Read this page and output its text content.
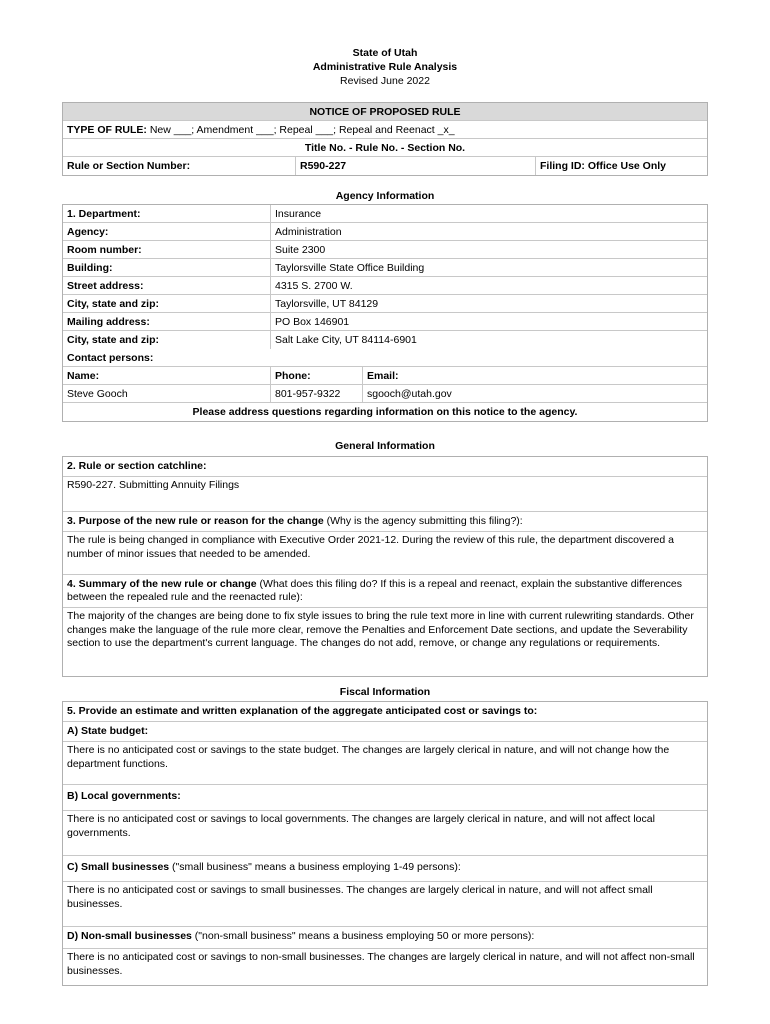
State of Utah
Administrative Rule Analysis
Revised June 2022
NOTICE OF PROPOSED RULE
TYPE OF RULE: New ___; Amendment ___; Repeal ___; Repeal and Reenact _x_
Title No. - Rule No. - Section No.
Rule or Section Number:	R590-227	Filing ID: Office Use Only
Agency Information
1. Department:	Insurance
Agency:	Administration
Room number:	Suite 2300
Building:	Taylorsville State Office Building
Street address:	4315 S. 2700 W.
City, state and zip:	Taylorsville, UT 84129
Mailing address:	PO Box 146901
City, state and zip:	Salt Lake City, UT 84114-6901
Contact persons:
Name:	Phone:	Email:
Steve Gooch	801-957-9322	sgooch@utah.gov
Please address questions regarding information on this notice to the agency.
General Information
2. Rule or section catchline:
R590-227. Submitting Annuity Filings
3. Purpose of the new rule or reason for the change (Why is the agency submitting this filing?):
The rule is being changed in compliance with Executive Order 2021-12. During the review of this rule, the department discovered a number of minor issues that needed to be amended.
4. Summary of the new rule or change (What does this filing do? If this is a repeal and reenact, explain the substantive differences between the repealed rule and the reenacted rule):
The majority of the changes are being done to fix style issues to bring the rule text more in line with current rulewriting standards. Other changes make the language of the rule more clear, remove the Penalties and Enforcement Date sections, and update the Severability section to use the department's current language. The changes do not add, remove, or change any regulations or requirements.
Fiscal Information
5. Provide an estimate and written explanation of the aggregate anticipated cost or savings to:
A) State budget:
There is no anticipated cost or savings to the state budget. The changes are largely clerical in nature, and will not change how the department functions.
B) Local governments:
There is no anticipated cost or savings to local governments. The changes are largely clerical in nature, and will not affect local governments.
C) Small businesses ("small business" means a business employing 1-49 persons):
There is no anticipated cost or savings to small businesses. The changes are largely clerical in nature, and will not affect small businesses.
D) Non-small businesses ("non-small business" means a business employing 50 or more persons):
There is no anticipated cost or savings to non-small businesses. The changes are largely clerical in nature, and will not affect non-small businesses.
